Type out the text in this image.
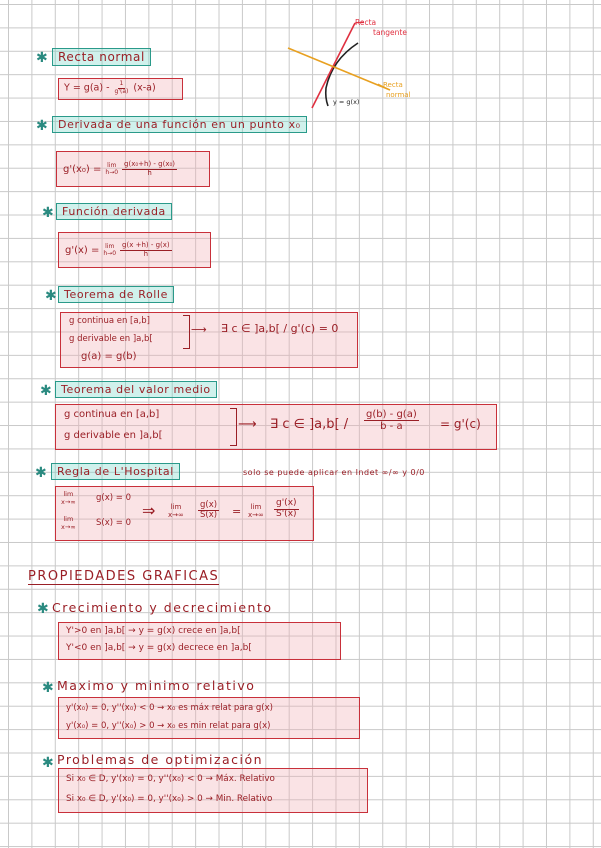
✱ Recta normal
$Y = g(a) - \frac{1}{g'(a)} (x-a)$
Recta
tangente
Recta
normal
y = g(x)
✱ Derivada de una función en un punto x₀
g'(x₀) = lim
$h\to 0 \frac{\text{g(x₀+h) - g(x₀)}}{h}$
✱ Función derivada
g'(x) = lim
$h\to 0 \frac{g(x +h) - g(x)}{h}$
✱ Teorema de Rolle
g continua en [a,b]
g derivable en ]a,b[
g(a) = g(b)
⟶ ∃ c ∈ ]a,b[ / g'(c) = 0
✱ Teorema del valor medio
g continua en [a,b]
g derivable en ]a,b[
⟶ ∃ c ∈ ]$a,b[ / \frac{g(b) - g(a)}{b - a} = g'(c)$
✱ Regla de L'Hospital	solo se puede aplicar en Indet ∞/∞ y 0/0
lim
x→∞ g(x) = 0
lim
x→∞ S(x) = 0
⇒ lim
$x\to\infty \frac{g(x)}{S(x)} = \lim$
$x\to\infty \frac{g'(x)}{S'(x)}$
PROPIEDADES GRAFICAS
✱ Crecimiento y decrecimiento
Y'>0 en ]a,b[ → y = g(x) crece en ]a,b[
Y'<0 en ]a,b[ → y = g(x) decrece en ]a,b[
✱ Maximo y minimo relativo
y'(x₀) = 0, y''(x₀) < 0 → x₀ es máx relat para g(x)
y'(x₀) = 0, y''(x₀) > 0 → x₀ es min relat para g(x)
✱ Problemas de optimización
Si x₀ ∈ D, y'(x₀) = 0, y''(x₀) < 0 → Máx. Relativo
Si x₀ ∈ D, y'(x₀) = 0, y''(x₀) > 0 → Min. Relativo
